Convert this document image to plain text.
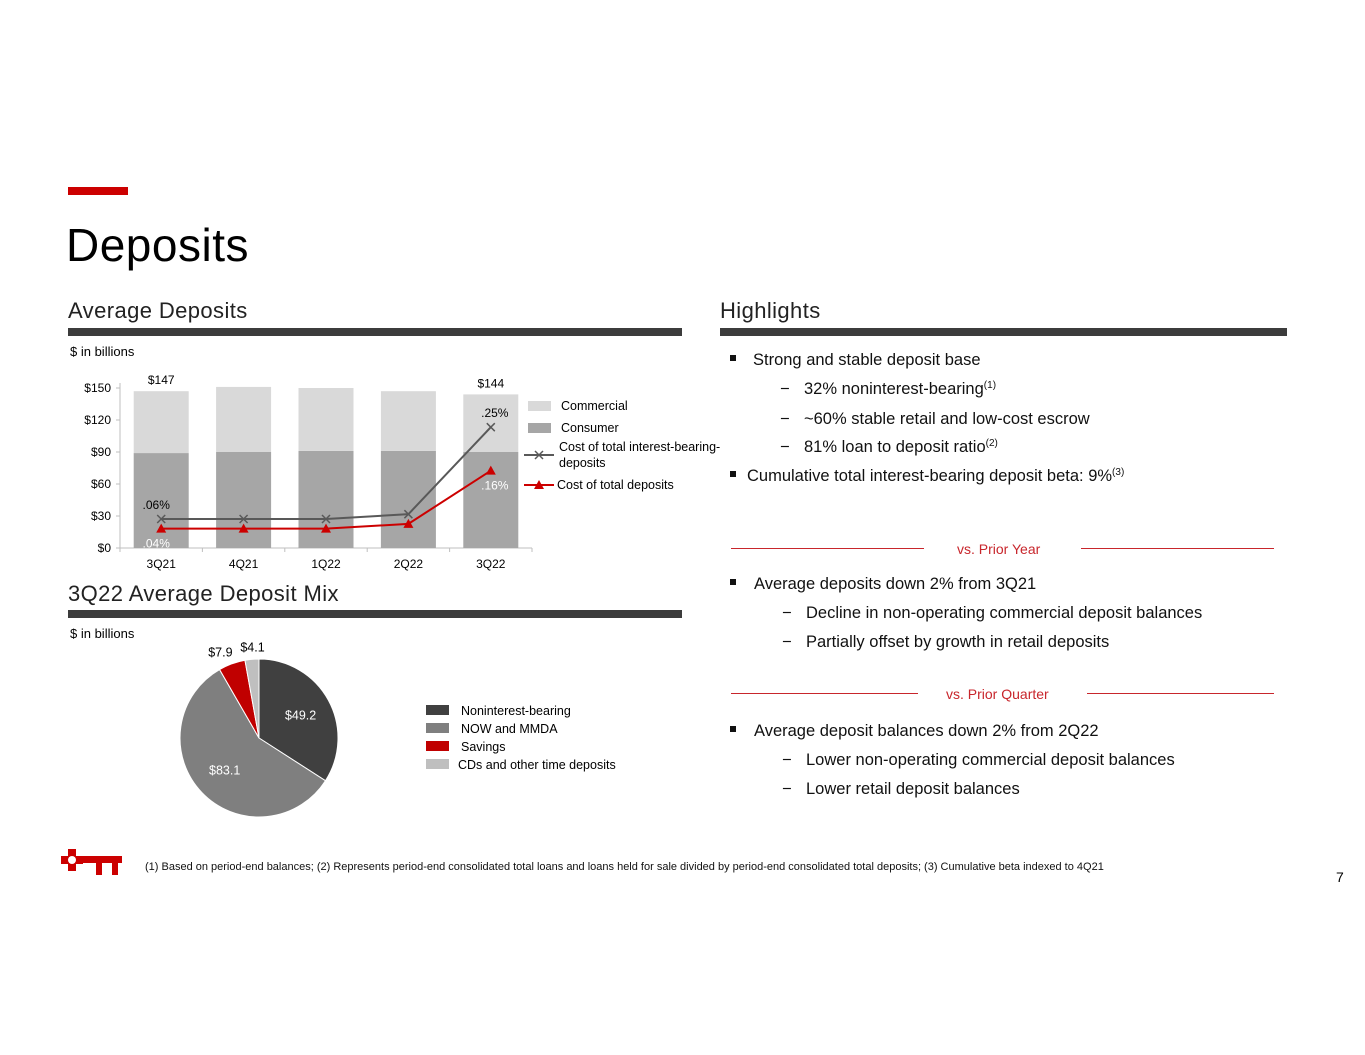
Deposits
Average Deposits
$ in billions
$0
$30
$60
$90
$120
$150
3Q21	4Q21	1Q22	2Q22	3Q22
$147	$144
.06%
.04%
.25%
.16%
Commercial
Consumer
Cost of total interest-bearing-
deposits
Cost of total deposits
3Q22 Average Deposit Mix
$ in billions
$49.2
$83.1
$7.9 $4.1
Noninterest-bearing
NOW and MMDA
Savings
CDs and other time deposits
Highlights
Strong and stable deposit base
− 32% noninterest-bearing$^{(1)}$
− ~60% stable retail and low-cost escrow
− 81% loan to deposit ratio$^{(2)}$
Cumulative total interest-bearing deposit beta: 9%$^{(3)}$
vs. Prior Year
Average deposits down 2% from 3Q21
− Decline in non-operating commercial deposit balances
− Partially offset by growth in retail deposits
vs. Prior Quarter
Average deposit balances down 2% from 2Q22
− Lower non-operating commercial deposit balances
− Lower retail deposit balances
(1) Based on period-end balances; (2) Represents period-end consolidated total loans and loans held for sale divided by period-end consolidated total deposits; (3) Cumulative beta indexed to 4Q21
7
